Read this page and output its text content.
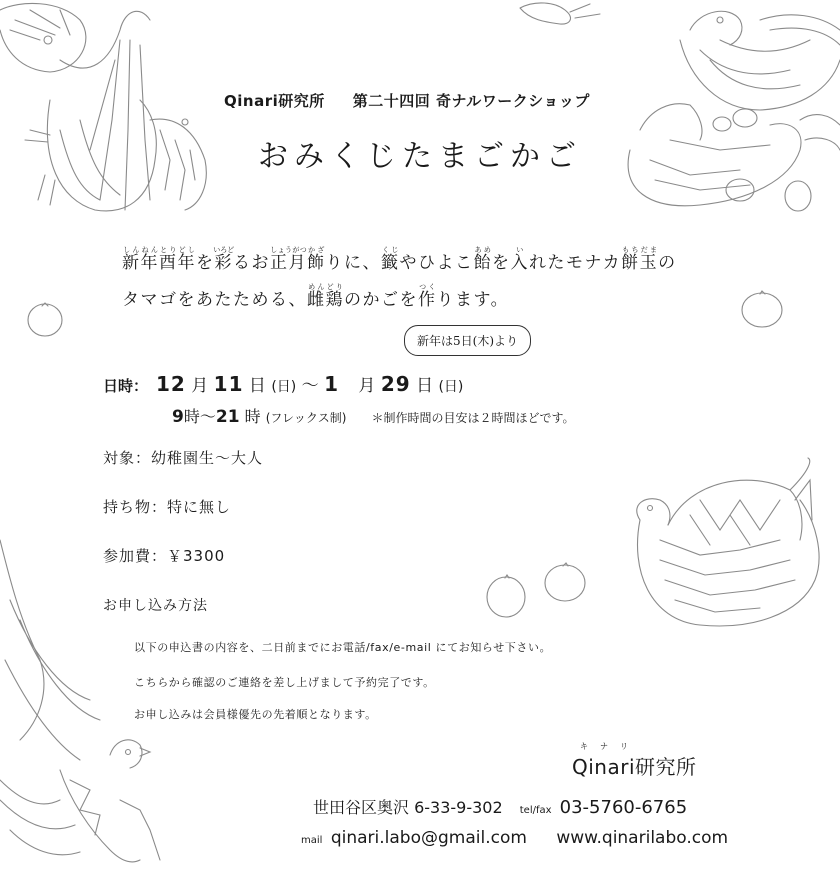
Qinari研究所 第二十四回 奇ナルワークショップ
おみくじたまごかご
新年しんねん酉年とりどしを彩いろどるお正月しょうがつ飾かざりに、籤くじやひよこ飴あめを入いれたモナカ餅玉もちだまの
タマゴをあたためる、雌鶏めんどりのかごを作つくります。
新年は5日(木)より
日時： 12 月 11 日 (日) ～ 1 月 29 日 (日)
9時～21 時 (フレックス制) ＊制作時間の目安は２時間ほどです。
対象：幼稚園生～大人
持ち物：特に無し
参加費：￥3300
お申し込み方法
以下の申込書の内容を、二日前までにお電話/fax/e-mail にてお知らせ下さい。
こちらから確認のご連絡を差し上げまして予約完了です。
お申し込みは会員様優先の先着順となります。
キナリ
Qinari研究所
世田谷区奥沢 6-33-9-302 tel/fax 03-5760-6765
mail qinari.labo@gmail.com www.qinarilabo.com
